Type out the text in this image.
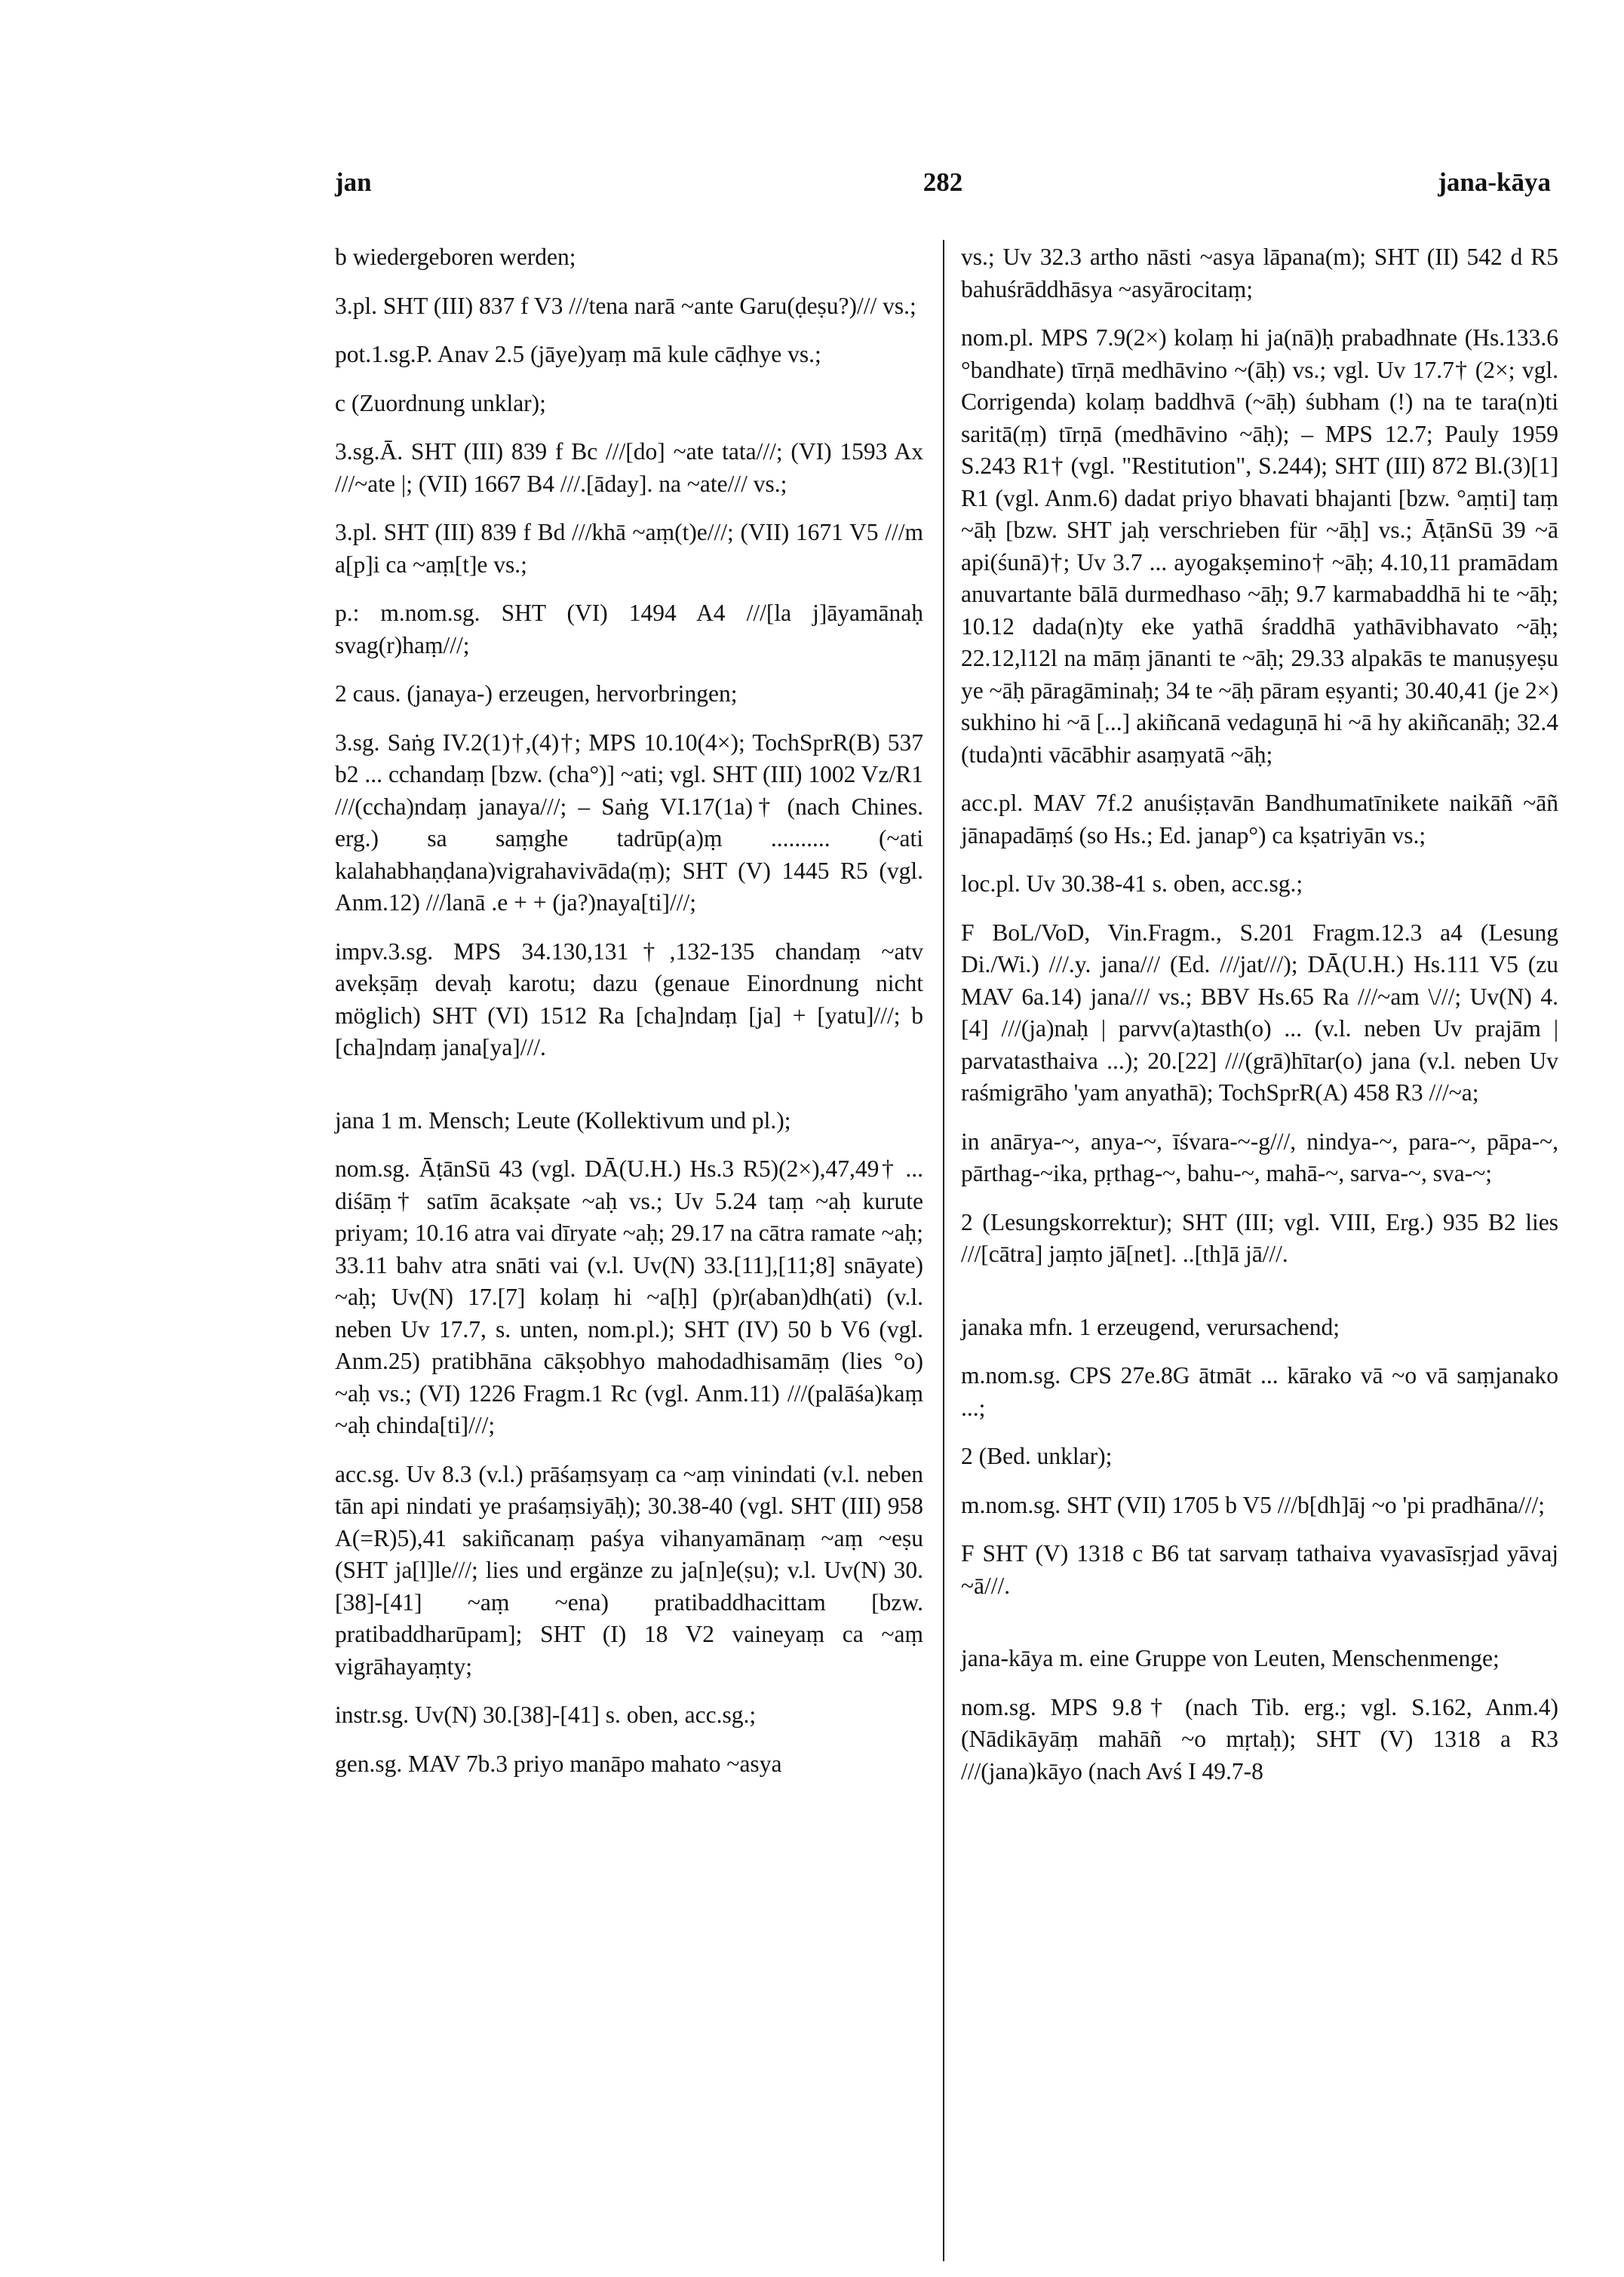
jan	282	jana-kāya

b wiedergeboren werden;

3.pl. SHT (III) 837 f V3 ///tena narā ~ante Garu(ḍeṣu?)/// vs.;

pot.1.sg.P. Anav 2.5 (jāye)yaṃ mā kule cāḍhye vs.;

c (Zuordnung unklar);

3.sg.Ā. SHT (III) 839 f Bc ///[do] ~ate tata///; (VI) 1593 Ax ///~ate |; (VII) 1667 B4 ///.[āday]. na ~ate/// vs.;

3.pl. SHT (III) 839 f Bd ///khā ~aṃ(t)e///; (VII) 1671 V5 ///m a[p]i ca ~aṃ[t]e vs.;

p.: m.nom.sg. SHT (VI) 1494 A4 ///[la j]āyamānaḥ svag(r)haṃ///;

2 caus. (janaya-) erzeugen, hervorbringen;

3.sg. Saṅg IV.2(1)†,(4)†; MPS 10.10(4×); TochSprR(B) 537 b2 ... cchandaṃ [bzw. (cha°)] ~ati; vgl. SHT (III) 1002 Vz/R1 ///(ccha)ndaṃ janaya///; – Saṅg VI.17(1a)† (nach Chines. erg.) sa saṃghe tadrūp(a)ṃ .......... (~ati kalahabhaṇḍana)vigrahavivāda(ṃ); SHT (V) 1445 R5 (vgl. Anm.12) ///lanā .e + + (ja?)naya[ti]///;

impv.3.sg. MPS 34.130,131†,132-135 chandaṃ ~atv avekṣāṃ devaḥ karotu; dazu (genaue Einordnung nicht möglich) SHT (VI) 1512 Ra [cha]ndaṃ [ja] + [yatu]///; b [cha]ndaṃ jana[ya]///.

jana 1 m. Mensch; Leute (Kollektivum und pl.);

nom.sg. ĀṭānSū 43 (vgl. DĀ(U.H.) Hs.3 R5)(2×),47,49† ... diśāṃ† satīm ācakṣate ~aḥ vs.; Uv 5.24 taṃ ~aḥ kurute priyam; 10.16 atra vai dīryate ~aḥ; 29.17 na cātra ramate ~aḥ; 33.11 bahv atra snāti vai (v.l. Uv(N) 33.[11],[11;8] snāyate) ~aḥ; Uv(N) 17.[7] kolaṃ hi ~a[ḥ] (p)r(aban)dh(ati) (v.l. neben Uv 17.7, s. unten, nom.pl.); SHT (IV) 50 b V6 (vgl. Anm.25) pratibhāna cākṣobhyo mahodadhisamāṃ (lies °o) ~aḥ vs.; (VI) 1226 Fragm.1 Rc (vgl. Anm.11) ///(palāśa)kaṃ ~aḥ chinda[ti]///;

acc.sg. Uv 8.3 (v.l.) prāśaṃsyaṃ ca ~aṃ vinindati (v.l. neben tān api nindati ye praśaṃsiyāḥ); 30.38-40 (vgl. SHT (III) 958 A(=R)5),41 sakiñcanaṃ paśya vihanyamānaṃ ~aṃ ~eṣu (SHT ja[l]le///; lies und ergänze zu ja[n]e(ṣu); v.l. Uv(N) 30.[38]-[41] ~aṃ ~ena) pratibaddhacittam [bzw. pratibaddharūpam]; SHT (I) 18 V2 vaineyaṃ ca ~aṃ vigrāhayaṃty;

instr.sg. Uv(N) 30.[38]-[41] s. oben, acc.sg.;

gen.sg. MAV 7b.3 priyo manāpo mahato ~asya

vs.; Uv 32.3 artho nāsti ~asya lāpana(m); SHT (II) 542 d R5 bahuśrāddhāsya ~asyārocitaṃ;

nom.pl. MPS 7.9(2×) kolaṃ hi ja(nā)ḥ prabadhnate (Hs.133.6 °bandhate) tīrṇā medhāvino ~(āḥ) vs.; vgl. Uv 17.7† (2×; vgl. Corrigenda) kolaṃ baddhvā (~āḥ) śubham (!) na te tara(n)ti saritā(ṃ) tīrṇā (medhāvino ~āḥ); – MPS 12.7; Pauly 1959 S.243 R1† (vgl. "Restitution", S.244); SHT (III) 872 Bl.(3)[1] R1 (vgl. Anm.6) dadat priyo bhavati bhajanti [bzw. °aṃti] taṃ ~āḥ [bzw. SHT jaḥ verschrieben für ~āḥ] vs.; ĀṭānSū 39 ~ā api(śunā)†; Uv 3.7 ... ayogakṣemino† ~āḥ; 4.10,11 pramādam anuvartante bālā durmedhaso ~āḥ; 9.7 karmabaddhā hi te ~āḥ; 10.12 dada(n)ty eke yathā śraddhā yathāvibhavato ~āḥ; 22.12,l12l na māṃ jānanti te ~āḥ; 29.33 alpakās te manuṣyeṣu ye ~āḥ pāragāminaḥ; 34 te ~āḥ pāram eṣyanti; 30.40,41 (je 2×) sukhino hi ~ā [...] akiñcanā vedaguṇā hi ~ā hy akiñcanāḥ; 32.4 (tuda)nti vācābhir asaṃyatā ~āḥ;

acc.pl. MAV 7f.2 anuśiṣṭavān Bandhumatīnikete naikāñ ~āñ jānapadāṃś (so Hs.; Ed. janap°) ca kṣatriyān vs.;

loc.pl. Uv 30.38-41 s. oben, acc.sg.;

F BoL/VoD, Vin.Fragm., S.201 Fragm.12.3 a4 (Lesung Di./Wi.) ///.y. jana/// (Ed. ///jat///); DĀ(U.H.) Hs.111 V5 (zu MAV 6a.14) jana/// vs.; BBV Hs.65 Ra ///~am \///; Uv(N) 4.[4] ///(ja)naḥ | parvv(a)tasth(o) ... (v.l. neben Uv prajām | parvatasthaiva ...); 20.[22] ///(grā)hītar(o) jana (v.l. neben Uv raśmigrāho 'yam anyathā); TochSprR(A) 458 R3 ///~a;

in anārya-~, anya-~, īśvara-~-g///, nindya-~, para-~, pāpa-~, pārthag-~ika, pṛthag-~, bahu-~, mahā-~, sarva-~, sva-~;

2 (Lesungskorrektur); SHT (III; vgl. VIII, Erg.) 935 B2 lies ///[cātra] jaṃto jā[net]. ..[th]ā jā///.

janaka mfn. 1 erzeugend, verursachend;

m.nom.sg. CPS 27e.8G ātmāt ... kārako vā ~o vā saṃjanako ...;

2 (Bed. unklar);

m.nom.sg. SHT (VII) 1705 b V5 ///b[dh]āj ~o 'pi pradhāna///;

F SHT (V) 1318 c B6 tat sarvaṃ tathaiva vyavasīsṛjad yāvaj ~ā///.

jana-kāya m. eine Gruppe von Leuten, Menschenmenge;

nom.sg. MPS 9.8† (nach Tib. erg.; vgl. S.162, Anm.4) (Nādikāyāṃ mahāñ ~o mṛtaḥ); SHT (V) 1318 a R3 ///(jana)kāyo (nach Avś I 49.7-8
